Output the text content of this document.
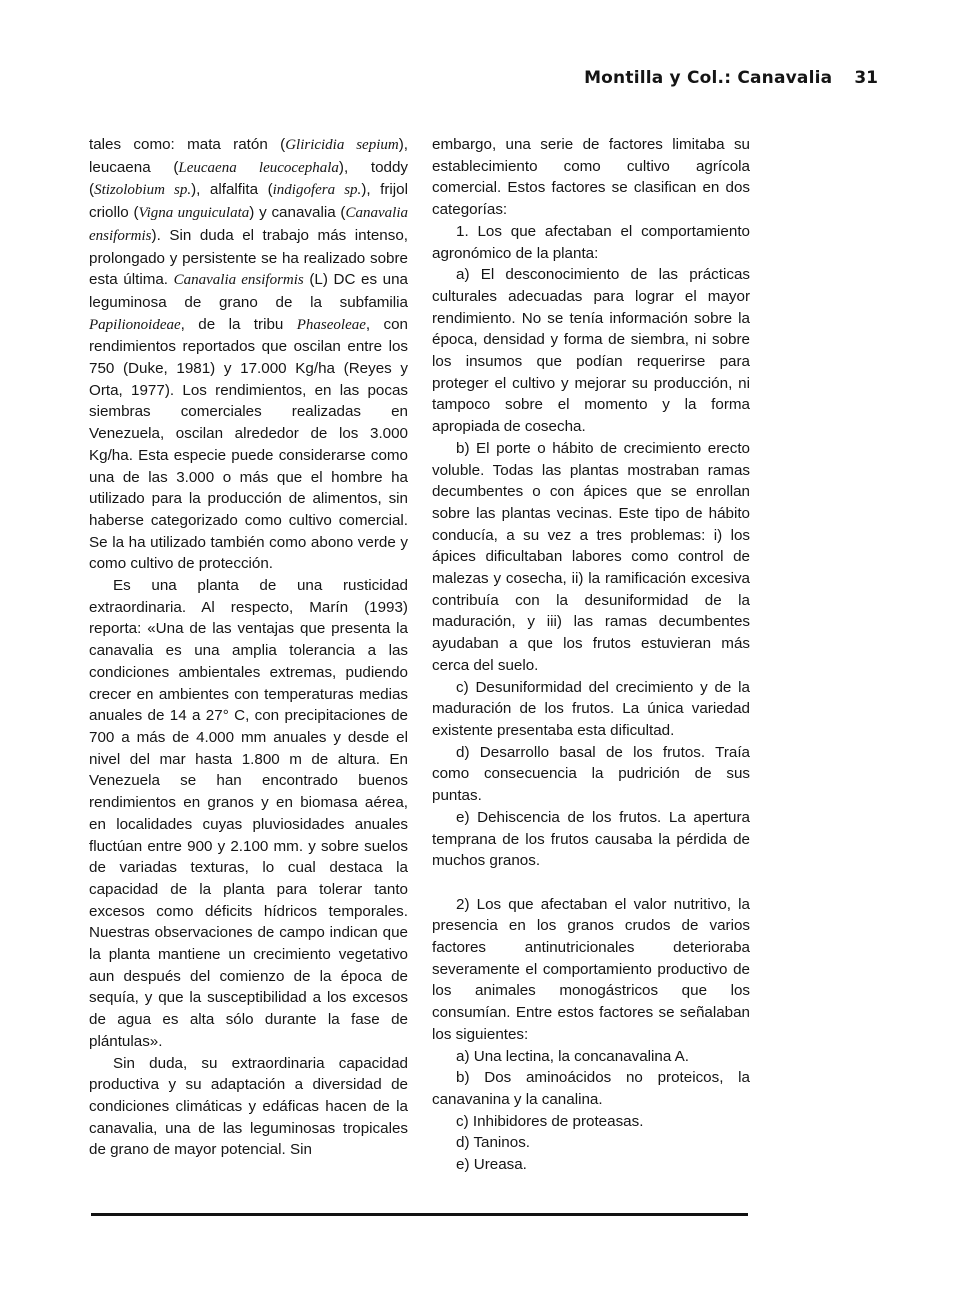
Montilla y Col.: Canavalia 31

tales como: mata ratón (Gliricidia sepium), leucaena (Leucaena leucocephala), toddy (Stizolobium sp.), alfalfita (indigofera sp.), frijol criollo (Vigna unguiculata) y canavalia (Canavalia ensiformis). Sin duda el trabajo más intenso, prolongado y persistente se ha realizado sobre esta última. Canavalia ensiformis (L) DC es una leguminosa de grano de la subfamilia Papilionoideae, de la tribu Phaseoleae, con rendimientos reportados que oscilan entre los 750 (Duke, 1981) y 17.000 Kg/ha (Reyes y Orta, 1977). Los rendimientos, en las pocas siembras comerciales realizadas en Venezuela, oscilan alrededor de los 3.000 Kg/ha. Esta especie puede considerarse como una de las 3.000 o más que el hombre ha utilizado para la producción de alimentos, sin haberse categorizado como cultivo comercial. Se la ha utilizado también como abono verde y como cultivo de protección.

Es una planta de una rusticidad extraordinaria. Al respecto, Marín (1993) reporta: «Una de las ventajas que presenta la canavalia es una amplia tolerancia a las condiciones ambientales extremas, pudiendo crecer en ambientes con temperaturas medias anuales de 14 a 27° C, con precipitaciones de 700 a más de 4.000 mm anuales y desde el nivel del mar hasta 1.800 m de altura. En Venezuela se han encontrado buenos rendimientos en granos y en biomasa aérea, en localidades cuyas pluviosidades anuales fluctúan entre 900 y 2.100 mm. y sobre suelos de variadas texturas, lo cual destaca la capacidad de la planta para tolerar tanto excesos como déficits hídricos temporales. Nuestras observaciones de campo indican que la planta mantiene un crecimiento vegetativo aun después del comienzo de la época de sequía, y que la susceptibilidad a los excesos de agua es alta sólo durante la fase de plántulas».

Sin duda, su extraordinaria capacidad productiva y su adaptación a diversidad de condiciones climáticas y edáficas hacen de la canavalia, una de las leguminosas tropicales de grano de mayor potencial. Sin

embargo, una serie de factores limitaba su establecimiento como cultivo agrícola comercial. Estos factores se clasifican en dos categorías:

1. Los que afectaban el comportamiento agronómico de la planta:

a) El desconocimiento de las prácticas culturales adecuadas para lograr el mayor rendimiento. No se tenía información sobre la época, densidad y forma de siembra, ni sobre los insumos que podían requerirse para proteger el cultivo y mejorar su producción, ni tampoco sobre el momento y la forma apropiada de cosecha.

b) El porte o hábito de crecimiento erecto voluble. Todas las plantas mostraban ramas decumbentes o con ápices que se enrollan sobre las plantas vecinas. Este tipo de hábito conducía, a su vez a tres problemas: i) los ápices dificultaban labores como control de malezas y cosecha, ii) la ramificación excesiva contribuía con la desuniformidad de la maduración, y iii) las ramas decumbentes ayudaban a que los frutos estuvieran más cerca del suelo.

c) Desuniformidad del crecimiento y de la maduración de los frutos. La única variedad existente presentaba esta dificultad.

d) Desarrollo basal de los frutos. Traía como consecuencia la pudrición de sus puntas.

e) Dehiscencia de los frutos. La apertura temprana de los frutos causaba la pérdida de muchos granos.

2) Los que afectaban el valor nutritivo, la presencia en los granos crudos de varios factores antinutricionales deterioraba severamente el comportamiento productivo de los animales monogástricos que los consumían. Entre estos factores se señalaban los siguientes:

a) Una lectina, la concanavalina A.

b) Dos aminoácidos no proteicos, la canavanina y la canalina.

c) Inhibidores de proteasas.

d) Taninos.

e) Ureasa.
